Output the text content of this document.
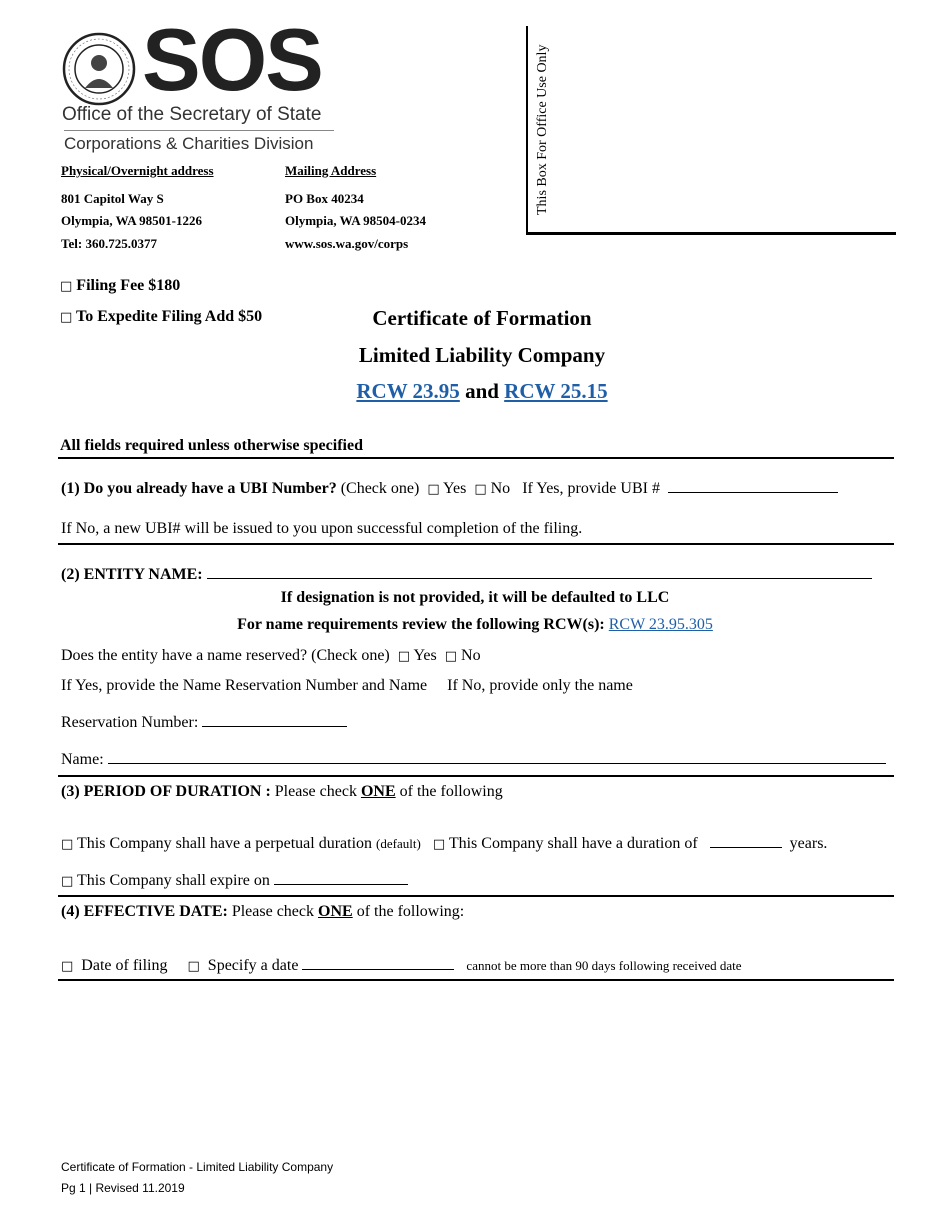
SOS
Office of the Secretary of State
Corporations & Charities Division
Physical/Overnight address
801 Capitol Way S
Olympia, WA 98501-1226
Tel: 360.725.0377
Mailing Address
PO Box 40234
Olympia, WA 98504-0234
www.sos.wa.gov/corps
This Box For Office Use Only
□ Filing Fee $180
□ To Expedite Filing Add $50	Certificate of Formation
Limited Liability Company
RCW 23.95 and RCW 25.15
All fields required unless otherwise specified
(1) Do you already have a UBI Number? (Check one) □ Yes □ No If Yes, provide UBI #
If No, a new UBI# will be issued to you upon successful completion of the filing.
(2) ENTITY NAME:
If designation is not provided, it will be defaulted to LLC
For name requirements review the following RCW(s): RCW 23.95.305
Does the entity have a name reserved? (Check one) □ Yes □ No
If Yes, provide the Name Reservation Number and Name If No, provide only the name
Reservation Number:
Name:
(3) PERIOD OF DURATION : Please check ONE of the following
□ This Company shall have a perpetual duration (default) □ This Company shall have a duration of	years.
□ This Company shall expire on
(4) EFFECTIVE DATE: Please check ONE of the following:
□ Date of filing □ Specify a date	cannot be more than 90 days following received date
Certificate of Formation - Limited Liability Company
Pg 1 | Revised 11.2019
